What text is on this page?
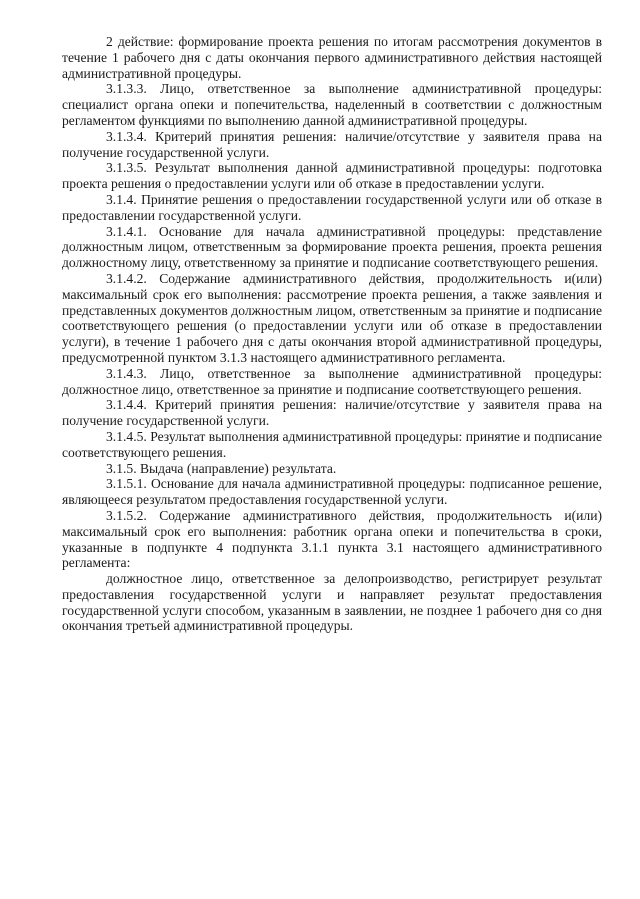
2 действие: формирование проекта решения по итогам рассмотрения документов в течение 1 рабочего дня с даты окончания первого административного действия настоящей административной процедуры.

3.1.3.3. Лицо, ответственное за выполнение административной процедуры: специалист органа опеки и попечительства, наделенный в соответствии с должностным регламентом функциями по выполнению данной административной процедуры.

3.1.3.4. Критерий принятия решения: наличие/отсутствие у заявителя права на получение государственной услуги.

3.1.3.5. Результат выполнения данной административной процедуры: подготовка проекта решения о предоставлении услуги или об отказе в предоставлении услуги.

3.1.4. Принятие решения о предоставлении государственной услуги или об отказе в предоставлении государственной услуги.

3.1.4.1. Основание для начала административной процедуры: представление должностным лицом, ответственным за формирование проекта решения, проекта решения должностному лицу, ответственному за принятие и подписание соответствующего решения.

3.1.4.2. Содержание административного действия, продолжительность и(или) максимальный срок его выполнения: рассмотрение проекта решения, а также заявления и представленных документов должностным лицом, ответственным за принятие и подписание соответствующего решения (о предоставлении услуги или об отказе в предоставлении услуги), в течение 1 рабочего дня с даты окончания второй административной процедуры, предусмотренной пунктом 3.1.3 настоящего административного регламента.

3.1.4.3. Лицо, ответственное за выполнение административной процедуры: должностное лицо, ответственное за принятие и подписание соответствующего решения.

3.1.4.4. Критерий принятия решения: наличие/отсутствие у заявителя права на получение государственной услуги.

3.1.4.5. Результат выполнения административной процедуры: принятие и подписание соответствующего решения.

3.1.5. Выдача (направление) результата.

3.1.5.1. Основание для начала административной процедуры: подписанное решение, являющееся результатом предоставления государственной услуги.

3.1.5.2. Содержание административного действия, продолжительность и(или) максимальный срок его выполнения: работник органа опеки и попечительства в сроки, указанные в подпункте 4 подпункта 3.1.1 пункта 3.1 настоящего административного регламента:

должностное лицо, ответственное за делопроизводство, регистрирует результат предоставления государственной услуги и направляет результат предоставления государственной услуги способом, указанным в заявлении, не позднее 1 рабочего дня со дня окончания третьей административной процедуры.
